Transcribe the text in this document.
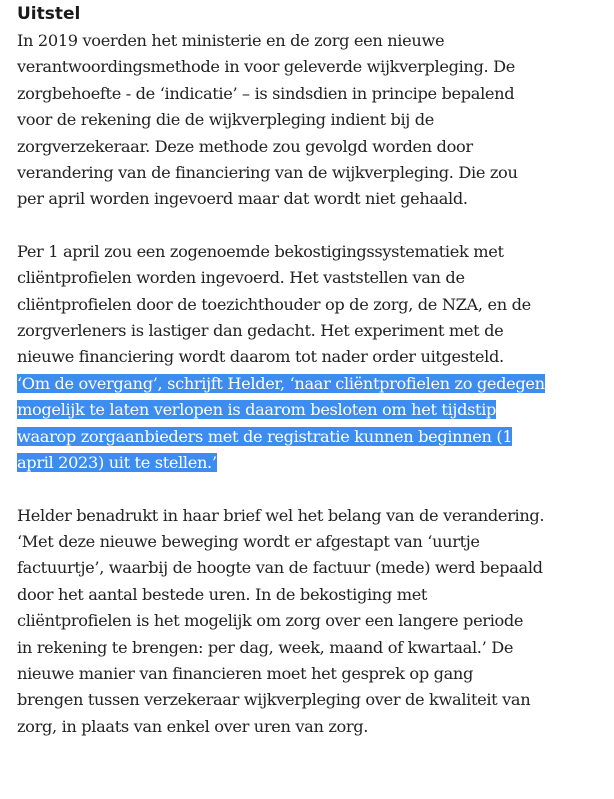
Uitstel
In 2019 voerden het ministerie en de zorg een nieuwe
verantwoordingsmethode in voor geleverde wijkverpleging. De
zorgbehoefte - de ‘indicatie’ – is sindsdien in principe bepalend
voor de rekening die de wijkverpleging indient bij de
zorgverzekeraar. Deze methode zou gevolgd worden door
verandering van de financiering van de wijkverpleging. Die zou
per april worden ingevoerd maar dat wordt niet gehaald.
Per 1 april zou een zogenoemde bekostigingssystematiek met
cliëntprofielen worden ingevoerd. Het vaststellen van de
cliëntprofielen door de toezichthouder op de zorg, de NZA, en de
zorgverleners is lastiger dan gedacht. Het experiment met de
nieuwe financiering wordt daarom tot nader order uitgesteld.
‘Om de overgang’, schrijft Helder, ‘naar cliëntprofielen zo gedegen
mogelijk te laten verlopen is daarom besloten om het tijdstip
waarop zorgaanbieders met de registratie kunnen beginnen (1
april 2023) uit te stellen.’
Helder benadrukt in haar brief wel het belang van de verandering.
‘Met deze nieuwe beweging wordt er afgestapt van ‘uurtje
factuurtje’, waarbij de hoogte van de factuur (mede) werd bepaald
door het aantal bestede uren. In de bekostiging met
cliëntprofielen is het mogelijk om zorg over een langere periode
in rekening te brengen: per dag, week, maand of kwartaal.’ De
nieuwe manier van financieren moet het gesprek op gang
brengen tussen verzekeraar wijkverpleging over de kwaliteit van
zorg, in plaats van enkel over uren van zorg.
